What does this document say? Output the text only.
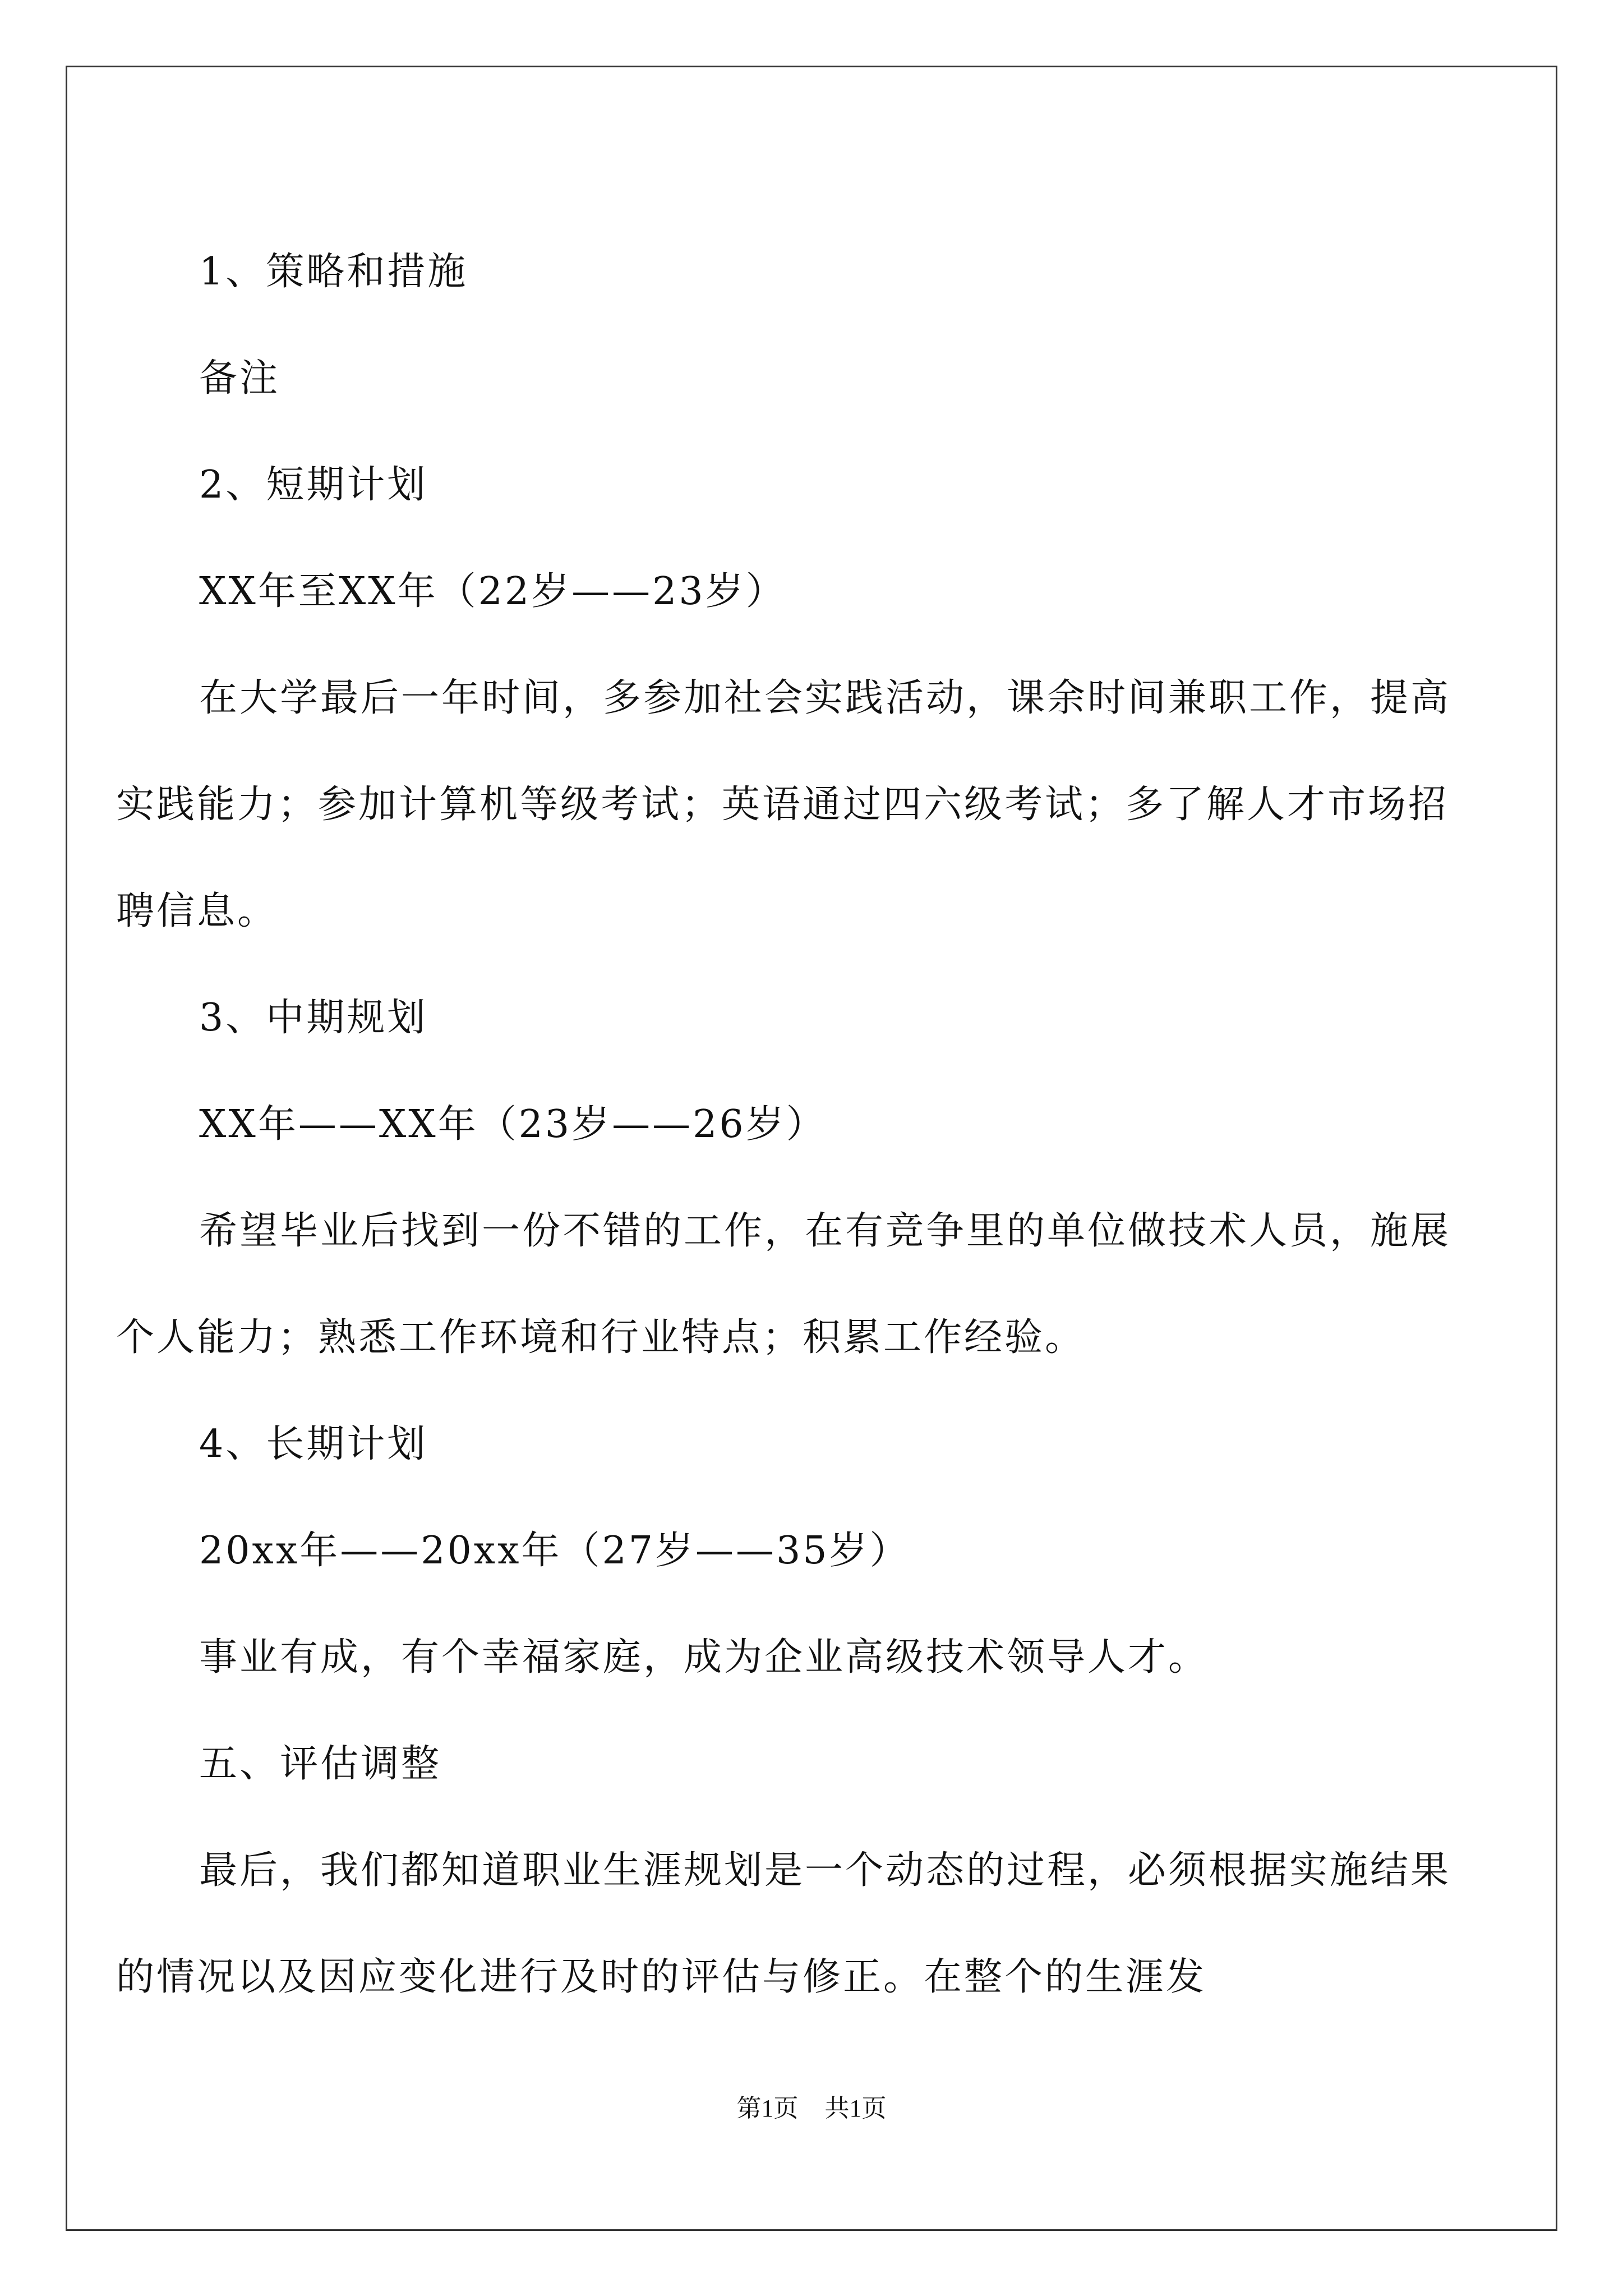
1、策略和措施

备注

2、短期计划

XX年至XX年（22岁——23岁）

在大学最后一年时间，多参加社会实践活动，课余时间兼职工作，提高实践能力；参加计算机等级考试；英语通过四六级考试；多了解人才市场招聘信息。

3、中期规划

XX年——XX年（23岁——26岁）

希望毕业后找到一份不错的工作，在有竞争里的单位做技术人员，施展个人能力；熟悉工作环境和行业特点；积累工作经验。

4、长期计划

20xx年——20xx年（27岁——35岁）

事业有成，有个幸福家庭，成为企业高级技术领导人才。

五、评估调整

最后，我们都知道职业生涯规划是一个动态的过程，必须根据实施结果的情况以及因应变化进行及时的评估与修正。在整个的生涯发

第1页 共1页
